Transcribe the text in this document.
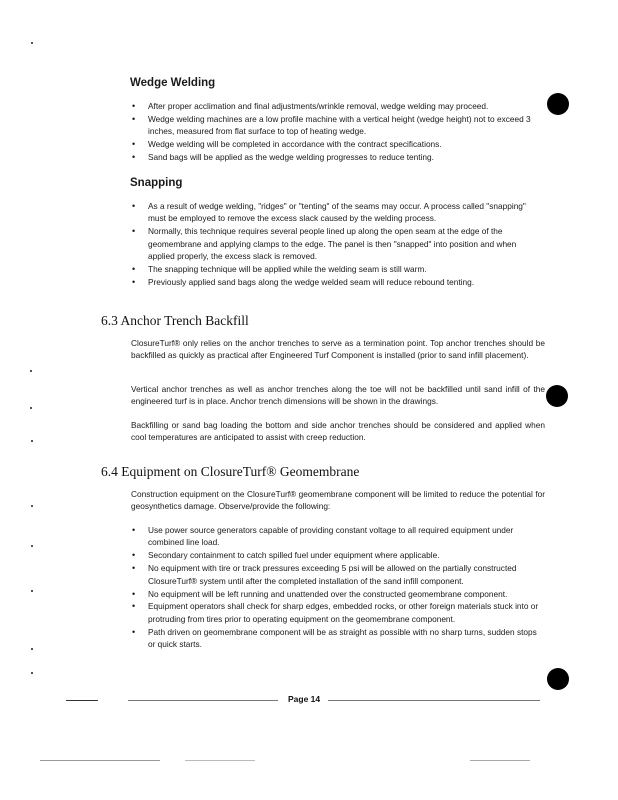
Wedge Welding
• After proper acclimation and final adjustments/wrinkle removal, wedge welding may proceed.
• Wedge welding machines are a low profile machine with a vertical height (wedge height) not to exceed 3 inches, measured from flat surface to top of heating wedge.
• Wedge welding will be completed in accordance with the contract specifications.
• Sand bags will be applied as the wedge welding progresses to reduce tenting.
Snapping
• As a result of wedge welding, "ridges" or "tenting" of the seams may occur. A process called "snapping" must be employed to remove the excess slack caused by the welding process.
• Normally, this technique requires several people lined up along the open seam at the edge of the geomembrane and applying clamps to the edge. The panel is then "snapped" into position and when applied properly, the excess slack is removed.
• The snapping technique will be applied while the welding seam is still warm.
• Previously applied sand bags along the wedge welded seam will reduce rebound tenting.
6.3 Anchor Trench Backfill

ClosureTurf® only relies on the anchor trenches to serve as a termination point. Top anchor trenches should be backfilled as quickly as practical after Engineered Turf Component is installed (prior to sand infill placement).

Vertical anchor trenches as well as anchor trenches along the toe will not be backfilled until sand infill of the engineered turf is in place. Anchor trench dimensions will be shown in the drawings.

Backfilling or sand bag loading the bottom and side anchor trenches should be considered and applied when cool temperatures are anticipated to assist with creep reduction.

6.4 Equipment on ClosureTurf® Geomembrane

Construction equipment on the ClosureTurf® geomembrane component will be limited to reduce the potential for geosynthetics damage. Observe/provide the following:

• Use power source generators capable of providing constant voltage to all required equipment under combined line load.
• Secondary containment to catch spilled fuel under equipment where applicable.
• No equipment with tire or track pressures exceeding 5 psi will be allowed on the partially constructed ClosureTurf® system until after the completed installation of the sand infill component.
• No equipment will be left running and unattended over the constructed geomembrane component.
• Equipment operators shall check for sharp edges, embedded rocks, or other foreign materials stuck into or protruding from tires prior to operating equipment on the geomembrane component.
• Path driven on geomembrane component will be as straight as possible with no sharp turns, sudden stops or quick starts.
Page 14
